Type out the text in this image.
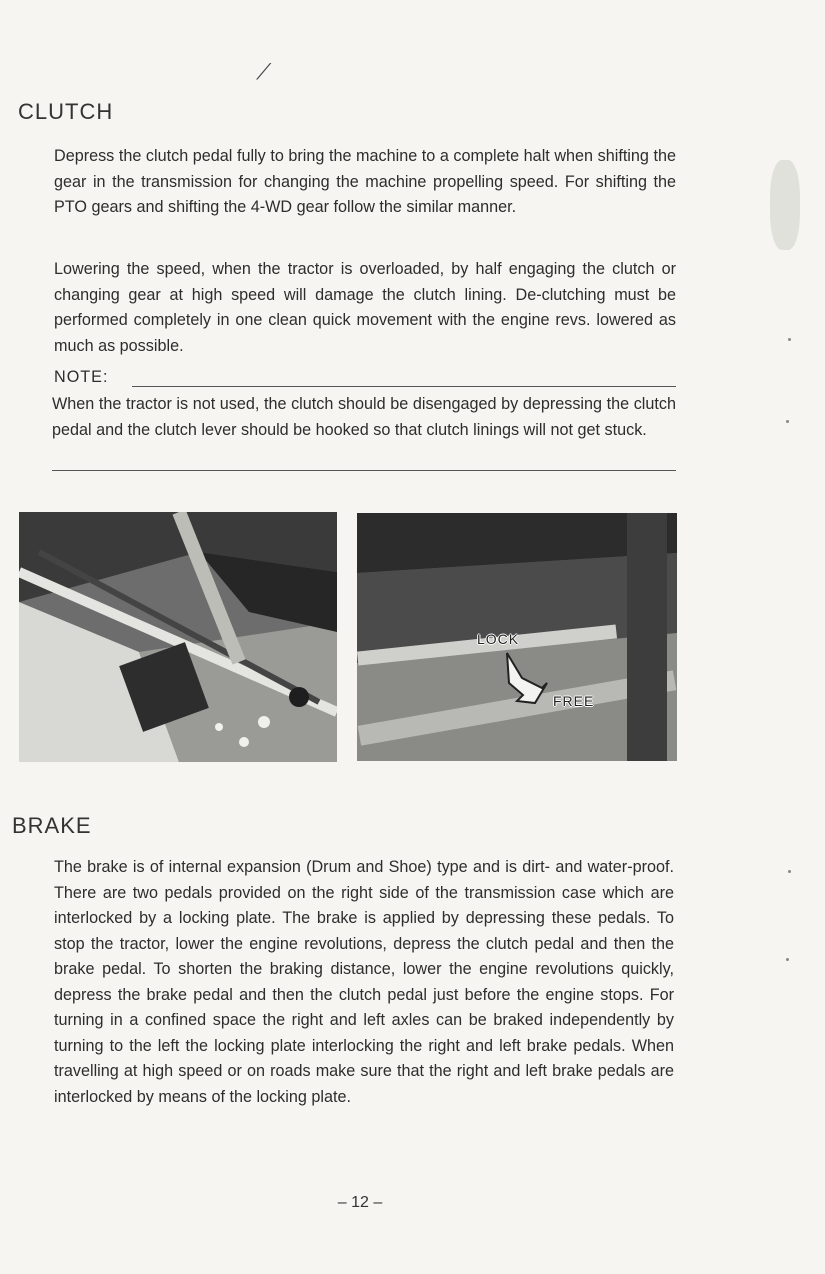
⟋
CLUTCH

Depress the clutch pedal fully to bring the machine to a complete halt when shifting the gear in the transmission for changing the machine propelling speed. For shifting the PTO gears and shifting the 4-WD gear follow the similar manner.

Lowering the speed, when the tractor is overloaded, by half engaging the clutch or changing gear at high speed will damage the clutch lining. De-clutching must be performed completely in one clean quick movement with the engine revs. lowered as much as possible.

NOTE:

When the tractor is not used, the clutch should be disengaged by depressing the clutch pedal and the clutch lever should be hooked so that clutch linings will not get stuck.

LOCK
FREE
BRAKE

The brake is of internal expansion (Drum and Shoe) type and is dirt- and water-proof. There are two pedals provided on the right side of the transmission case which are interlocked by a locking plate. The brake is applied by depressing these pedals. To stop the tractor, lower the engine revolutions, depress the clutch pedal and then the brake pedal. To shorten the braking distance, lower the engine revolutions quickly, depress the brake pedal and then the clutch pedal just before the engine stops. For turning in a confined space the right and left axles can be braked independently by turning to the left the locking plate interlocking the right and left brake pedals. When travelling at high speed or on roads make sure that the right and left brake pedals are interlocked by means of the locking plate.

– 12 –
